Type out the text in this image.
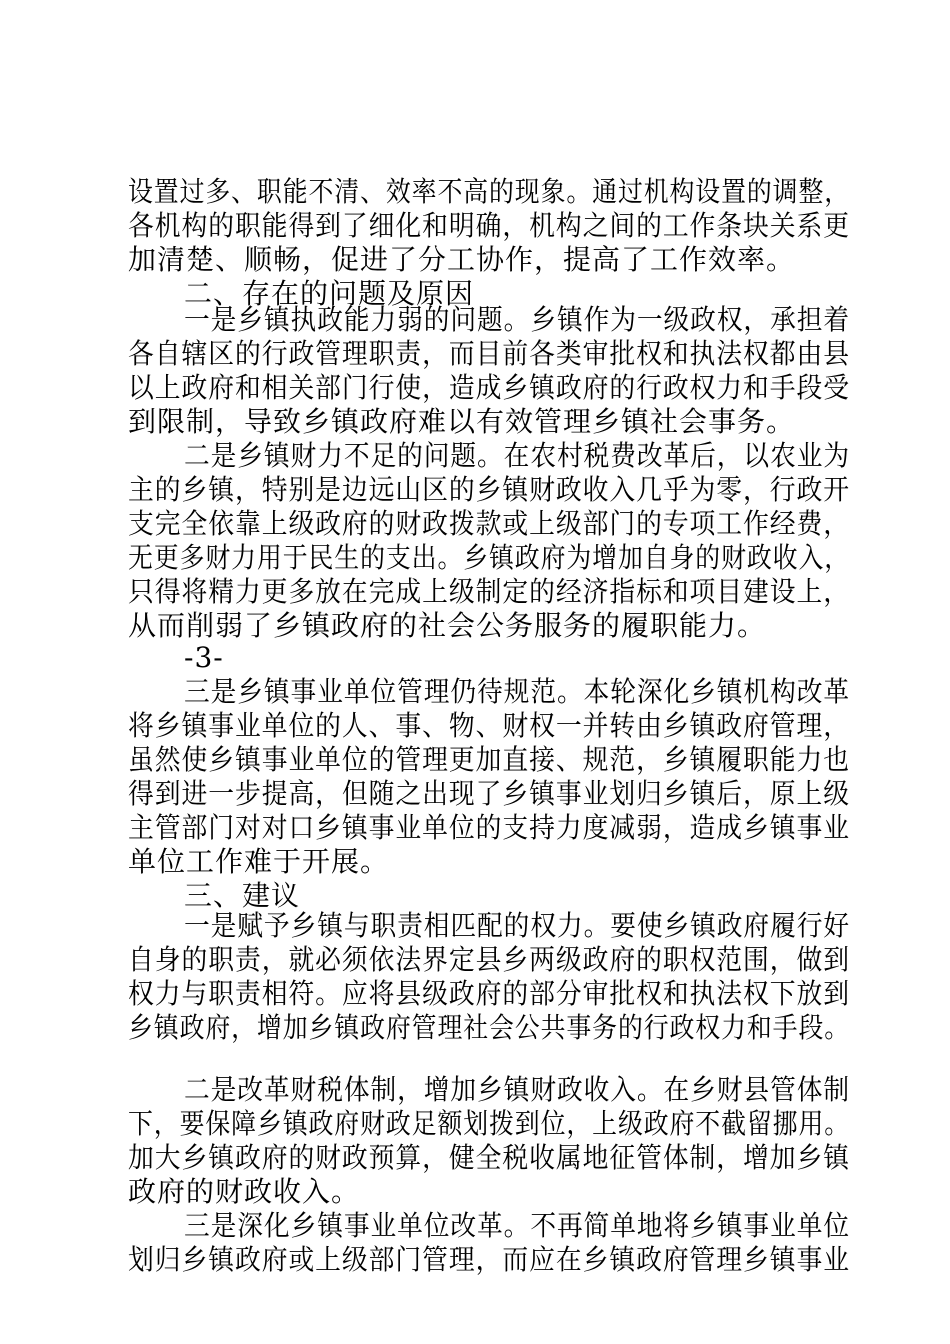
设置过多、职能不清、效率不高的现象。通过机构设置的调整，
各机构的职能得到了细化和明确，机构之间的工作条块关系更
加清楚、顺畅，促进了分工协作，提高了工作效率。
二、存在的问题及原因
一是乡镇执政能力弱的问题。乡镇作为一级政权，承担着
各自辖区的行政管理职责，而目前各类审批权和执法权都由县
以上政府和相关部门行使，造成乡镇政府的行政权力和手段受
到限制，导致乡镇政府难以有效管理乡镇社会事务。
二是乡镇财力不足的问题。在农村税费改革后，以农业为
主的乡镇，特别是边远山区的乡镇财政收入几乎为零，行政开
支完全依靠上级政府的财政拨款或上级部门的专项工作经费，
无更多财力用于民生的支出。乡镇政府为增加自身的财政收入，
只得将精力更多放在完成上级制定的经济指标和项目建设上，
从而削弱了乡镇政府的社会公务服务的履职能力。
-3-
三是乡镇事业单位管理仍待规范。本轮深化乡镇机构改革
将乡镇事业单位的人、事、物、财权一并转由乡镇政府管理，
虽然使乡镇事业单位的管理更加直接、规范，乡镇履职能力也
得到进一步提高，但随之出现了乡镇事业划归乡镇后，原上级
主管部门对对口乡镇事业单位的支持力度减弱，造成乡镇事业
单位工作难于开展。
三、建议
一是赋予乡镇与职责相匹配的权力。要使乡镇政府履行好
自身的职责，就必须依法界定县乡两级政府的职权范围，做到
权力与职责相符。应将县级政府的部分审批权和执法权下放到
乡镇政府，增加乡镇政府管理社会公共事务的行政权力和手段。
二是改革财税体制，增加乡镇财政收入。在乡财县管体制
下，要保障乡镇政府财政足额划拨到位，上级政府不截留挪用。
加大乡镇政府的财政预算，健全税收属地征管体制，增加乡镇
政府的财政收入。
三是深化乡镇事业单位改革。不再简单地将乡镇事业单位
划归乡镇政府或上级部门管理，而应在乡镇政府管理乡镇事业
